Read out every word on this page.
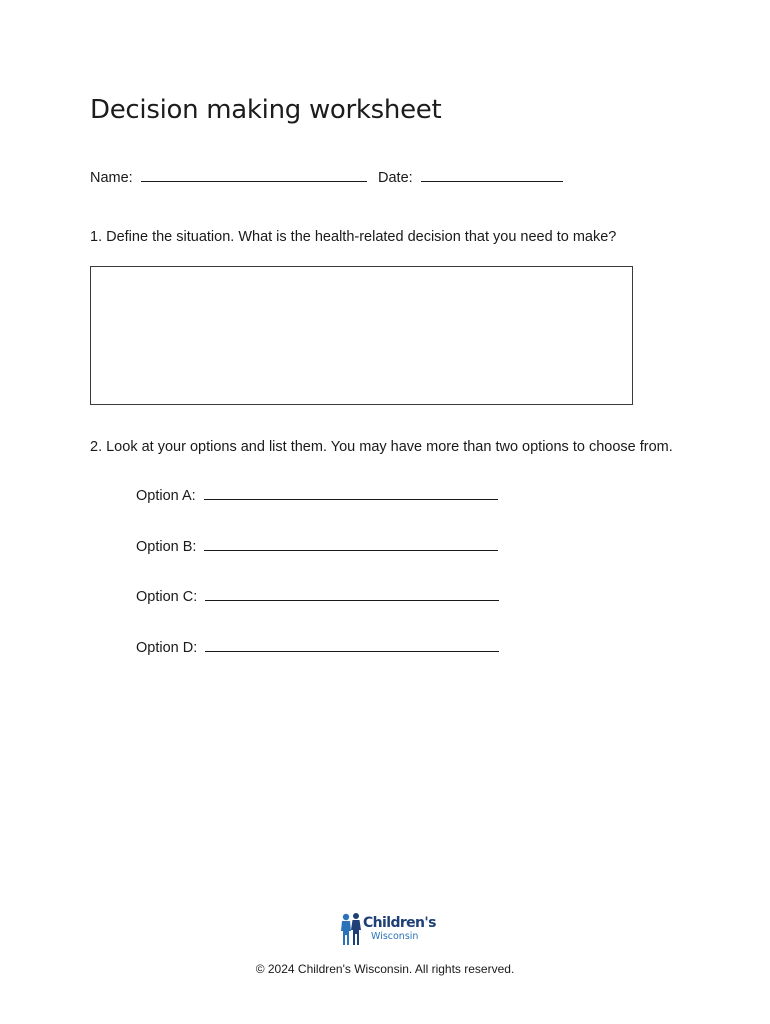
Decision making worksheet
Name:	Date:
1. Define the situation. What is the health-related decision that you need to make?
2. Look at your options and list them. You may have more than two options to choose from.
Option A:
Option B:
Option C:
Option D:
Children's
Wisconsin
© 2024 Children's Wisconsin. All rights reserved.
